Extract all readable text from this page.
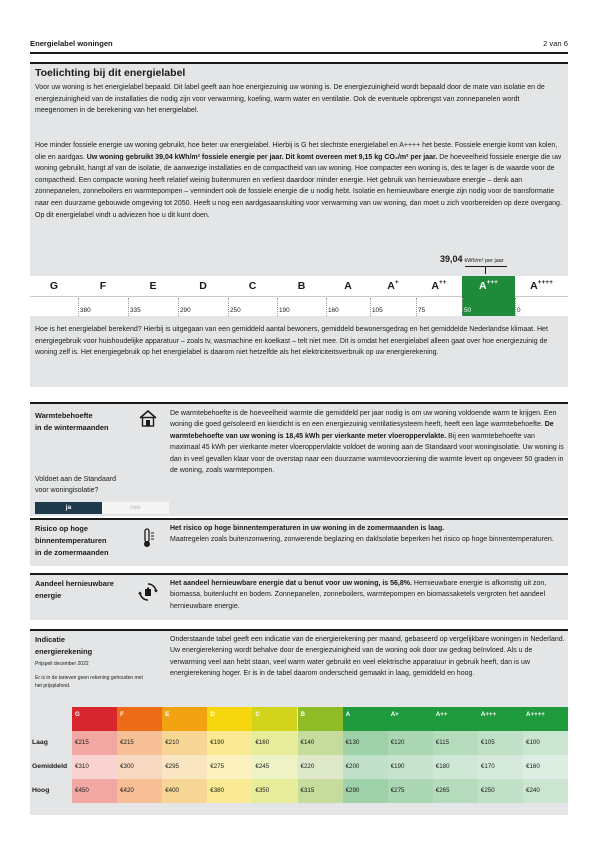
Energielabel woningen	2 van 6
Toelichting bij dit energielabel
Voor uw woning is het energielabel bepaald. Dit label geeft aan hoe energiezuinig uw woning is. De energiezuinigheid wordt bepaald door de mate van isolatie en de energiezuinigheid van de installaties die nodig zijn voor verwarming, koeling, warm water en ventilatie. Ook de eventuele opbrengst van zonnepanelen wordt meegenomen in de berekening van het energielabel.
Hoe minder fossiele energie uw woning gebruikt, hoe beter uw energielabel. Hierbij is G het slechtste energielabel en A++++ het beste. Fossiele energie komt van kolen, olie en aardgas. Uw woning gebruikt 39,04 kWh/m² fossiele energie per jaar. Dit komt overeen met 9,15 kg CO₂/m² per jaar. De hoeveelheid fossiele energie die uw woning gebruikt, hangt af van de isolatie, de aanwezige installaties en de compactheid van uw woning. Hoe compacter een woning is, des te lager is de waarde voor de compactheid. Een compacte woning heeft relatief weinig buitenmuren en verliest daardoor minder energie. Het gebruik van hernieuwbare energie – denk aan zonnepanelen, zonneboilers en warmtepompen – vermindert ook de fossiele energie die u nodig hebt. Isolatie en hernieuwbare energie zijn nodig voor de transformatie naar een duurzame gebouwde omgeving tot 2050. Heeft u nog een aardgasaansluiting voor verwarming van uw woning, dan moet u zich voorbereiden op deze overgang. Op dit energielabel vindt u adviezen hoe u dit kunt doen.
Hoe is het energielabel berekend? Hierbij is uitgegaan van een gemiddeld aantal bewoners, gemiddeld bewonersgedrag en het gemiddelde Nederlandse klimaat. Het energiegebruik voor huishoudelijke apparatuur – zoals tv, wasmachine en koelkast – telt niet mee. Dit is omdat het energielabel alleen gaat over hoe energiezuinig de woning zelf is. Het energiegebruik op het energielabel is daarom niet hetzelfde als het elektriciteitsverbruik op uw energierekening.
39,04 kWh/m² per jaar
G	F
380
E
335
D
290
C
250
B
190
A
160
A+
105
A++
75
A+++
50
A++++
0
Warmtebehoefte
in de wintermaanden
Voldoet aan de Standaard
voor woningisolatie?
ja	nee
De warmtebehoefte is de hoeveelheid warmte die gemiddeld per jaar nodig is om uw woning voldoende warm te krijgen. Een woning die goed geïsoleerd en kierdicht is en een energiezuinig ventilatiesysteem heeft, heeft een lage warmtebehoefte. De warmtebehoefte van uw woning is 18,45 kWh per vierkante meter vloeroppervlakte. Bij een warmtebehoefte van maximaal 45 kWh per vierkante meter vloeroppervlakte voldoet de woning aan de Standaard voor woningisolatie. Uw woning is dan in veel gevallen klaar voor de overstap naar een duurzame warmtevoorziening die warmte levert op ongeveer 50 graden in de woning, zoals warmtepompen.
Risico op hoge
binnentemperaturen
in de zomermaanden
Het risico op hoge binnentemperaturen in uw woning in de zomermaanden is laag.
Maatregelen zoals buitenzonwering, zonwerende beglazing en daklsolatie beperken het risico op hoge binnentemperaturen.
Aandeel hernieuwbare
energie
Het aandeel hernieuwbare energie dat u benut voor uw woning, is 56,8%. Hernieuwbare energie is afkomstig uit zon, biomassa, buitenlucht en bodem. Zonnepanelen, zonneboilers, warmtepompen en biomassaketels vergroten het aandeel hernieuwbare energie.
Indicatie
energierekening
Prijspeil december 2022
Er is in de tarieven geen rekening gehouden met het prijsplafond.
Onderstaande tabel geeft een indicatie van de energierekening per maand, gebaseerd op vergelijkbare woningen in Nederland. Uw energierekening wordt behalve door de energiezuinigheid van de woning ook door uw gedrag beïnvloed. Als u de verwarming veel aan hebt staan, veel warm water gebruikt en veel elektrische apparatuur in gebruik heeft, dan is uw energierekening hoger. Er is in de tabel daarom onderscheid gemaakt in laag, gemiddeld en hoog.
G	F	E	D	C	B	A	A+	A++	A+++	A++++
Laag	€215	€215	€210	€190	€160	€140	€130	€120	€115	€105	€100
Gemiddeld	€310	€300	€295	€275	€245	€220	€200	€190	€180	€170	€160
Hoog	€450	€420	€400	€380	€350	€315	€290	€275	€265	€250	€240
